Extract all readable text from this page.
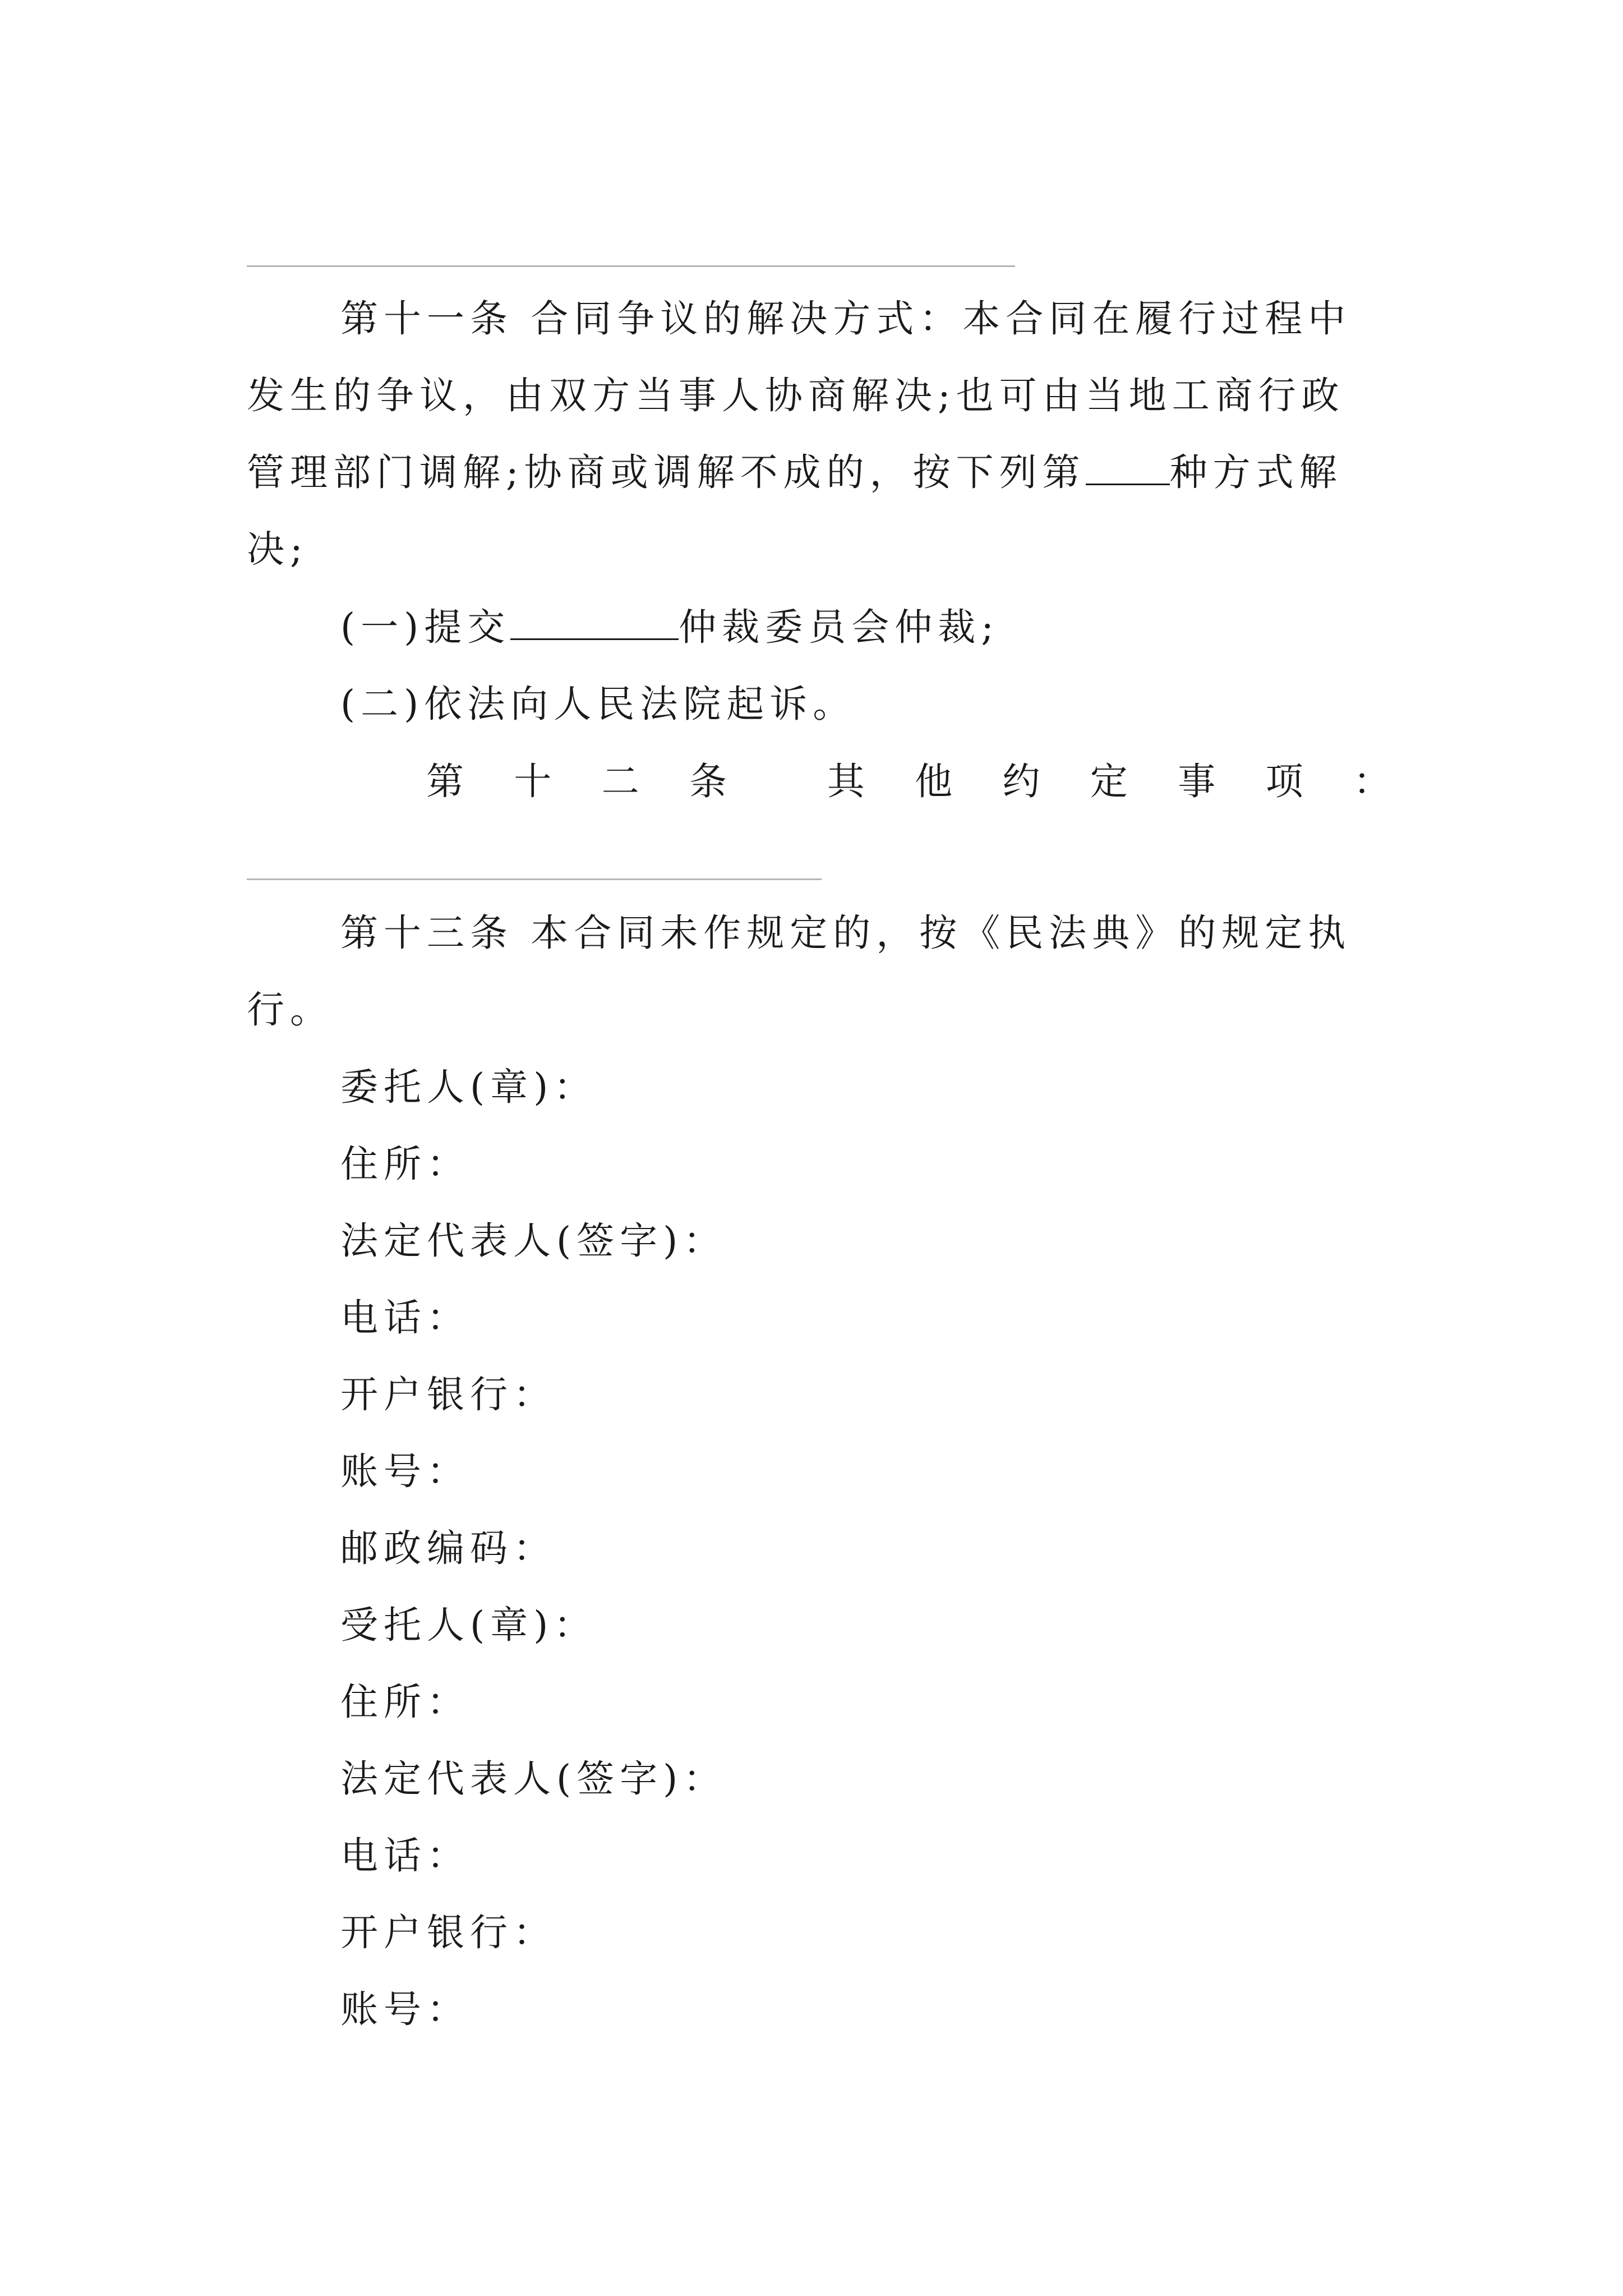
第十一条 合同争议的解决方式：本合同在履行过程中
发生的争议，由双方当事人协商解决;也可由当地工商行政
管理部门调解;协商或调解不成的，按下列第 种方式解
决;
(一)提交	仲裁委员会仲裁;
(二)依法向人民法院起诉。
第 十 二 条	其 他 约 定 事 项 ：
第十三条 本合同未作规定的，按《民法典》的规定执
行。
委托人(章)：
住所：
法定代表人(签字)：
电话：
开户银行：
账号：
邮政编码：
受托人(章)：
住所：
法定代表人(签字)：
电话：
开户银行：
账号：
